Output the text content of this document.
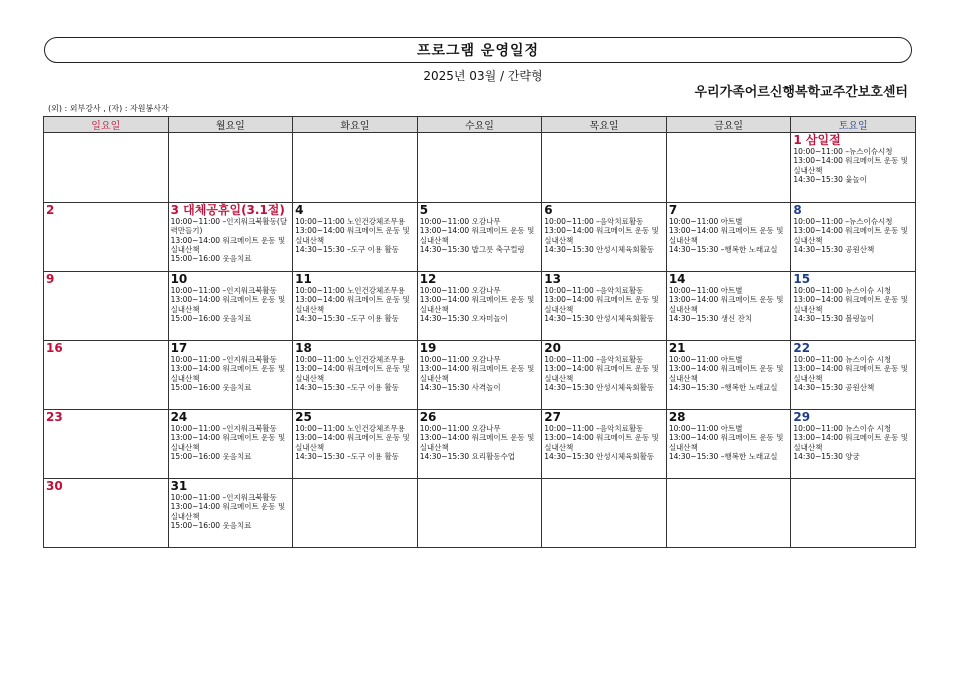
프로그램 운영일정
2025년 03월 / 간략형
우리가족어르신행복학교주간보호센터
(외) : 외부강사 , (자) : 자원봉사자
일요일	월요일	화요일	수요일	목요일	금요일	토요일

						1 삼일절
10:00~11:00 –뉴스이슈시청
13:00~14:00 워크메이트 운동 및 실내산책
14:30~15:30 윷놀이

2	3 대체공휴일(3.1절)
10:00~11:00 –인지워크북활동(달력만들기)
13:00~14:00 워크메이트 운동 및 실내산책
15:00~16:00 웃음치료	4
10:00~11:00 노인건강체조무용
13:00~14:00 워크메이트 운동 및 실내산책
14:30~15:30 –도구 이용 활동	5
10:00~11:00 오감나무
13:00~14:00 워크메이트 운동 및 실내산책
14:30~15:30 밥그릇 축구컬링	6
10:00~11:00 –음악치료활동
13:00~14:00 워크메이트 운동 및 실내산책
14:30~15:30 안성시체육회활동	7
10:00~11:00 아트별
13:00~14:00 워크메이트 운동 및 실내산책
14:30~15:30 –행복한 노래교실	8
10:00~11:00 –뉴스이슈시청
13:00~14:00 워크메이트 운동 및 실내산책
14:30~15:30 공원산책

9	10
10:00~11:00 –인지워크북활동
13:00~14:00 워크메이트 운동 및 실내산책
15:00~16:00 웃음치료	11
10:00~11:00 노인건강체조무용
13:00~14:00 워크메이트 운동 및 실내산책
14:30~15:30 –도구 이용 활동	12
10:00~11:00 오감나무
13:00~14:00 워크메이트 운동 및 실내산책
14:30~15:30 오자미놀이	13
10:00~11:00 –음악치료활동
13:00~14:00 워크메이트 운동 및 실내산책
14:30~15:30 안성시체육회활동	14
10:00~11:00 아트별
13:00~14:00 워크메이트 운동 및 실내산책
14:30~15:30 생신 잔치	15
10:00~11:00 뉴스이슈 시청
13:00~14:00 워크메이트 운동 및 실내산책
14:30~15:30 볼링놀이

16	17
10:00~11:00 –인지워크북활동
13:00~14:00 워크메이트 운동 및 실내산책
15:00~16:00 웃음치료	18
10:00~11:00 노인건강체조무용
13:00~14:00 워크메이트 운동 및 실내산책
14:30~15:30 –도구 이용 활동	19
10:00~11:00 오감나무
13:00~14:00 워크메이트 운동 및 실내산책
14:30~15:30 사격놀이	20
10:00~11:00 –음악치료활동
13:00~14:00 워크메이트 운동 및 실내산책
14:30~15:30 안성시체육회활동	21
10:00~11:00 아트별
13:00~14:00 워크메이트 운동 및 실내산책
14:30~15:30 –행복한 노래교실	22
10:00~11:00 뉴스이슈 시청
13:00~14:00 워크메이트 운동 및 실내산책
14:30~15:30 공원산책

23	24
10:00~11:00 –인지워크북활동
13:00~14:00 워크메이트 운동 및 실내산책
15:00~16:00 웃음치료	25
10:00~11:00 노인건강체조무용
13:00~14:00 워크메이트 운동 및 실내산책
14:30~15:30 –도구 이용 활동	26
10:00~11:00 오감나무
13:00~14:00 워크메이트 운동 및 실내산책
14:30~15:30 요리활동수업	27
10:00~11:00 –음악치료활동
13:00~14:00 워크메이트 운동 및 실내산책
14:30~15:30 안성시체육회활동	28
10:00~11:00 아트별
13:00~14:00 워크메이트 운동 및 실내산책
14:30~15:30 –행복한 노래교실	29
10:00~11:00 뉴스이슈 시청
13:00~14:00 워크메이트 운동 및 실내산책
14:30~15:30 양궁

30	31
10:00~11:00 –인지워크북활동
13:00~14:00 워크메이트 운동 및 실내산책
15:00~16:00 웃음치료					
